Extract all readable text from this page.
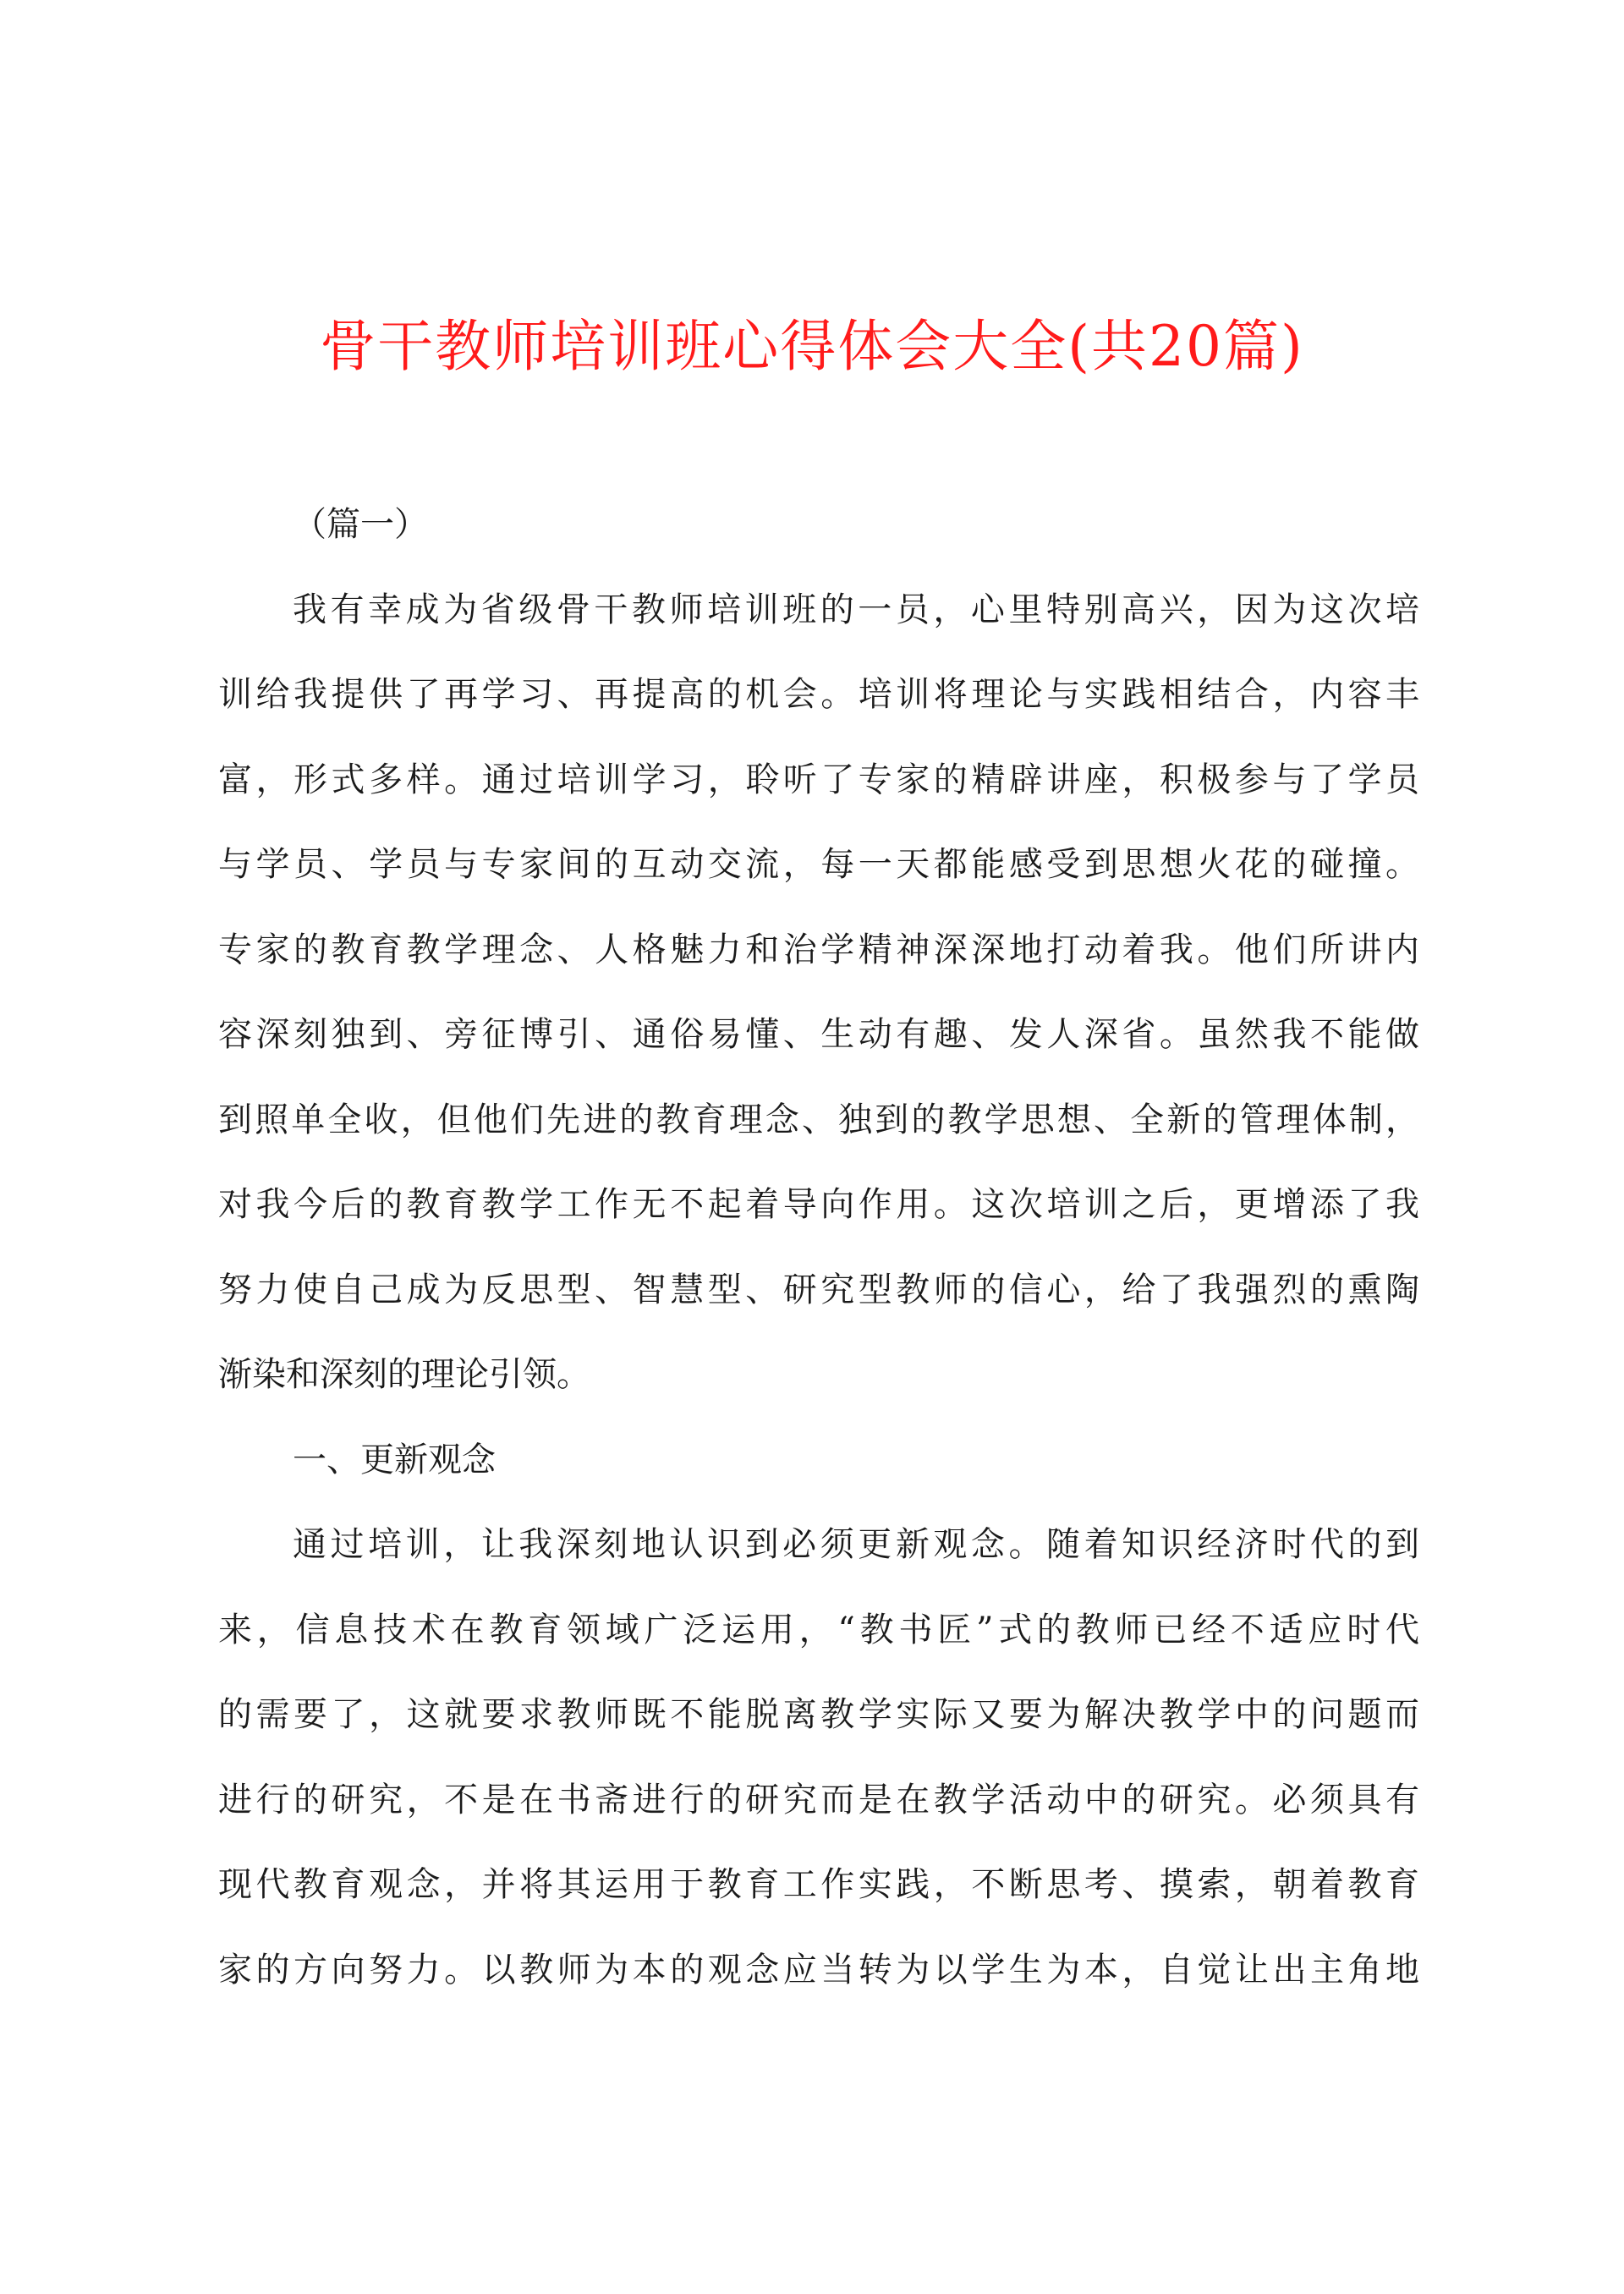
骨干教师培训班心得体会大全(共20篇)
（篇一）
我有幸成为省级骨干教师培训班的一员，心里特别高兴，因为这次培
训给我提供了再学习、再提高的机会。培训将理论与实践相结合，内容丰
富，形式多样。通过培训学习，聆听了专家的精辟讲座，积极参与了学员
与学员、学员与专家间的互动交流，每一天都能感受到思想火花的碰撞。
专家的教育教学理念、人格魅力和治学精神深深地打动着我。他们所讲内
容深刻独到、旁征博引、通俗易懂、生动有趣、发人深省。虽然我不能做
到照单全收，但他们先进的教育理念、独到的教学思想、全新的管理体制，
对我今后的教育教学工作无不起着导向作用。这次培训之后，更增添了我
努力使自己成为反思型、智慧型、研究型教师的信心，给了我强烈的熏陶
渐染和深刻的理论引领。
一、更新观念
通过培训，让我深刻地认识到必须更新观念。随着知识经济时代的到
来，信息技术在教育领域广泛运用，“教书匠”式的教师已经不适应时代
的需要了，这就要求教师既不能脱离教学实际又要为解决教学中的问题而
进行的研究，不是在书斋进行的研究而是在教学活动中的研究。必须具有
现代教育观念，并将其运用于教育工作实践，不断思考、摸索，朝着教育
家的方向努力。以教师为本的观念应当转为以学生为本，自觉让出主角地
